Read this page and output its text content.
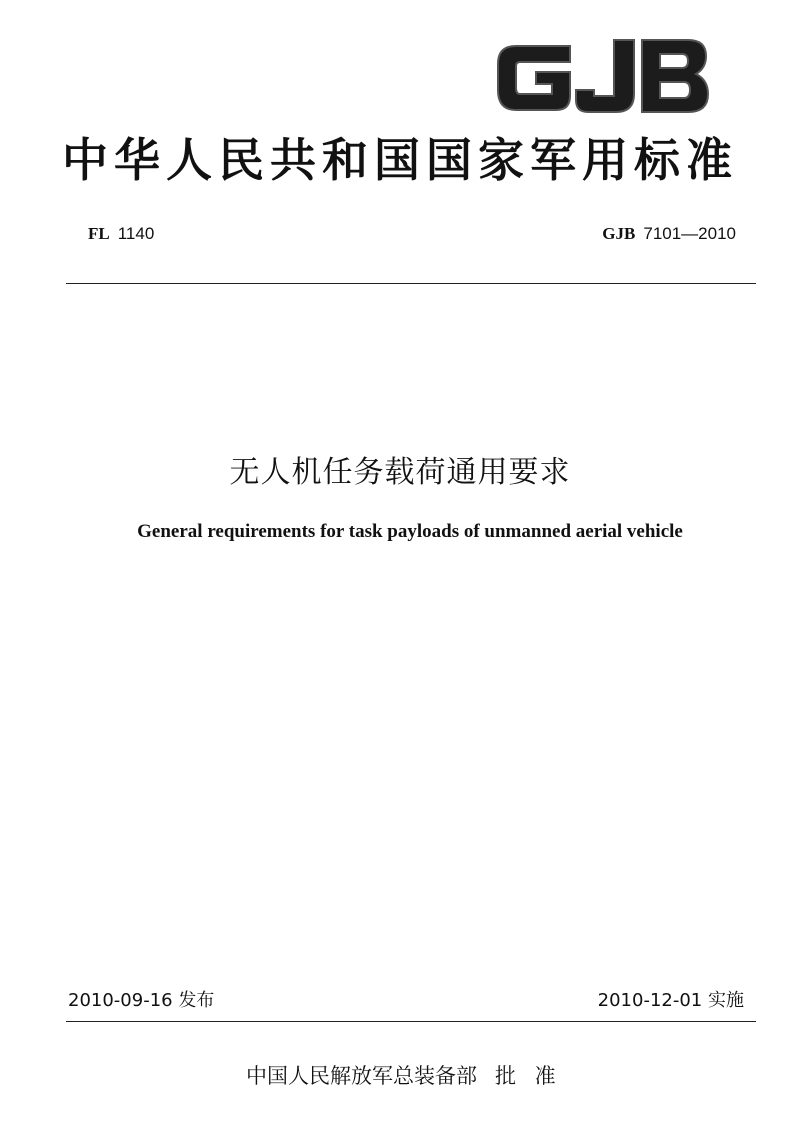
中华人民共和国国家军用标准
FL 1140	GJB 7101—2010
无人机任务载荷通用要求
General requirements for task payloads of unmanned aerial vehicle
2010-09-16 发布	2010-12-01 实施
中国人民解放军总装备部 批 准
